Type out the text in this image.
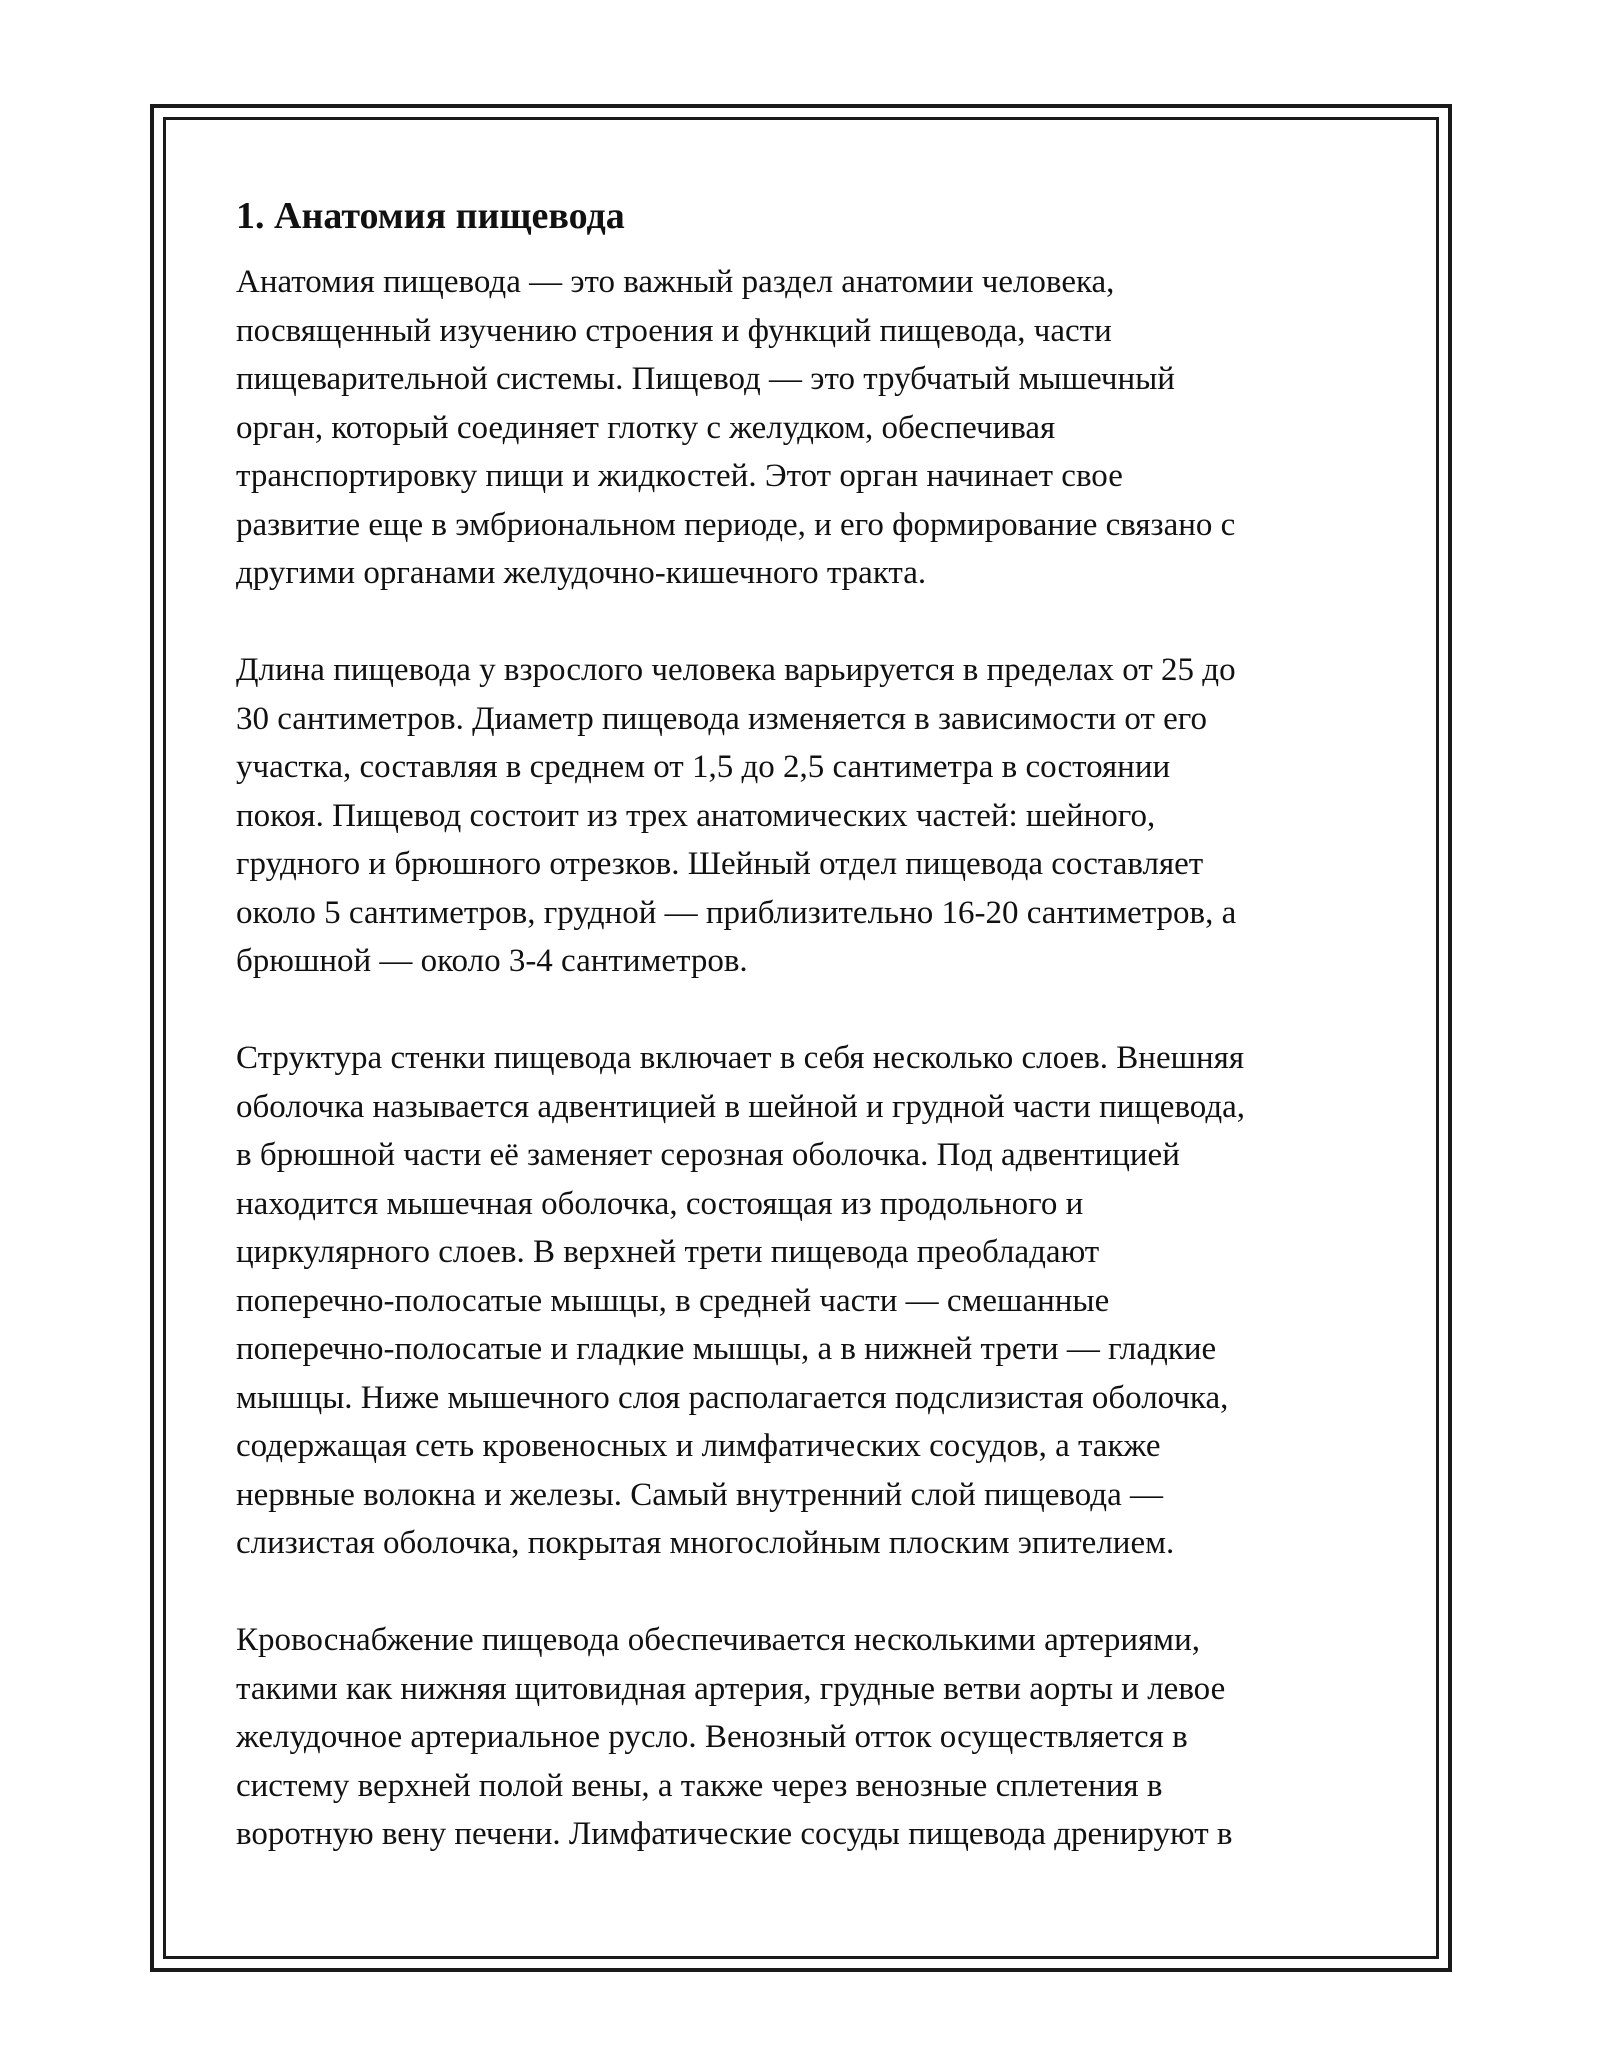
1. Анатомия пищевода

Анатомия пищевода — это важный раздел анатомии человека,
посвященный изучению строения и функций пищевода, части
пищеварительной системы. Пищевод — это трубчатый мышечный
орган, который соединяет глотку с желудком, обеспечивая
транспортировку пищи и жидкостей. Этот орган начинает свое
развитие еще в эмбриональном периоде, и его формирование связано с
другими органами желудочно-кишечного тракта.

Длина пищевода у взрослого человека варьируется в пределах от 25 до
30 сантиметров. Диаметр пищевода изменяется в зависимости от его
участка, составляя в среднем от 1,5 до 2,5 сантиметра в состоянии
покоя. Пищевод состоит из трех анатомических частей: шейного,
грудного и брюшного отрезков. Шейный отдел пищевода составляет
около 5 сантиметров, грудной — приблизительно 16-20 сантиметров, а
брюшной — около 3-4 сантиметров.

Структура стенки пищевода включает в себя несколько слоев. Внешняя
оболочка называется адвентицией в шейной и грудной части пищевода,
в брюшной части её заменяет серозная оболочка. Под адвентицией
находится мышечная оболочка, состоящая из продольного и
циркулярного слоев. В верхней трети пищевода преобладают
поперечно-полосатые мышцы, в средней части — смешанные
поперечно-полосатые и гладкие мышцы, а в нижней трети — гладкие
мышцы. Ниже мышечного слоя располагается подслизистая оболочка,
содержащая сеть кровеносных и лимфатических сосудов, а также
нервные волокна и железы. Самый внутренний слой пищевода —
слизистая оболочка, покрытая многослойным плоским эпителием.

Кровоснабжение пищевода обеспечивается несколькими артериями,
такими как нижняя щитовидная артерия, грудные ветви аорты и левое
желудочное артериальное русло. Венозный отток осуществляется в
систему верхней полой вены, а также через венозные сплетения в
воротную вену печени. Лимфатические сосуды пищевода дренируют в
